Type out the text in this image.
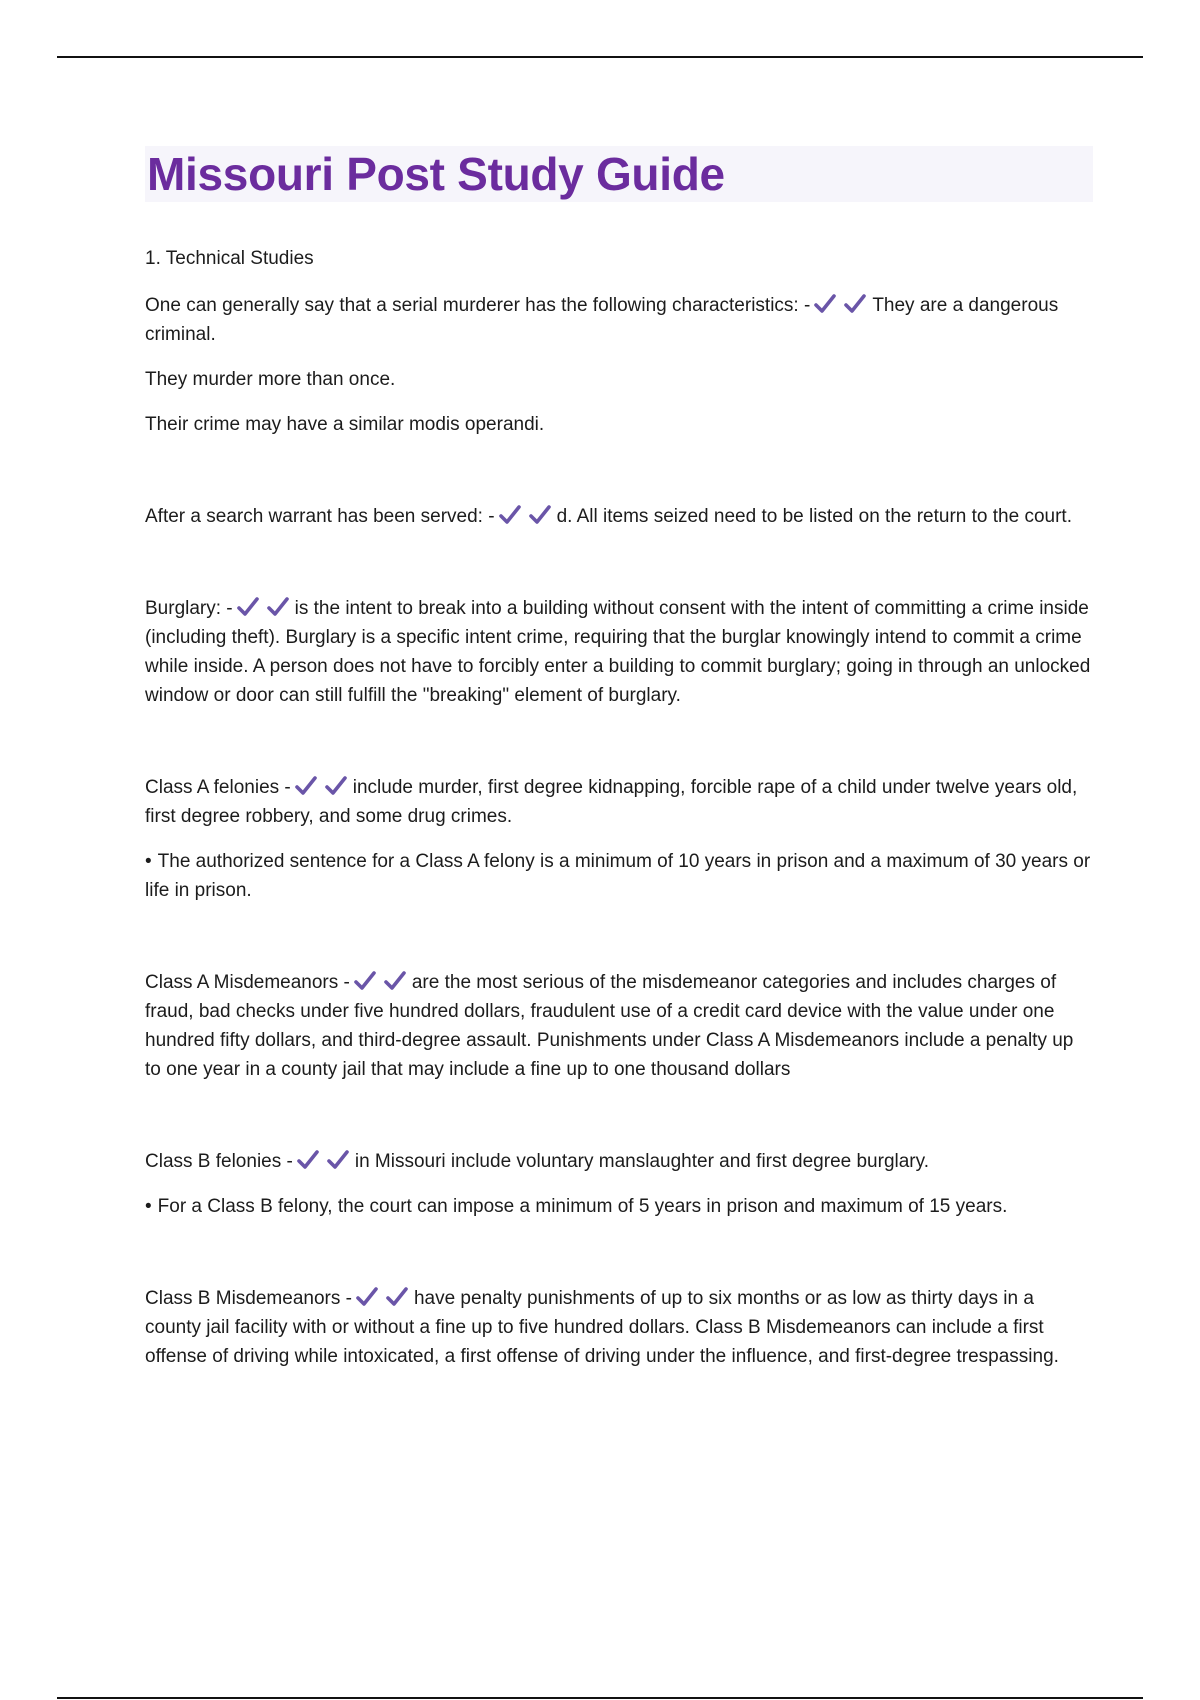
Missouri Post Study Guide

1. Technical Studies

One can generally say that a serial murderer has the following characteristics: -	They are a dangerous criminal.

They murder more than once.

Their crime may have a similar modis operandi.

After a search warrant has been served: -	d. All items seized need to be listed on the return to the court.

Burglary: -	is the intent to break into a building without consent with the intent of committing a crime inside (including theft). Burglary is a specific intent crime, requiring that the burglar knowingly intend to commit a crime while inside. A person does not have to forcibly enter a building to commit burglary; going in through an unlocked window or door can still fulfill the "breaking" element of burglary.

Class A felonies -	include murder, first degree kidnapping, forcible rape of a child under twelve years old, first degree robbery, and some drug crimes.

• The authorized sentence for a Class A felony is a minimum of 10 years in prison and a maximum of 30 years or life in prison.

Class A Misdemeanors -	are the most serious of the misdemeanor categories and includes charges of fraud, bad checks under five hundred dollars, fraudulent use of a credit card device with the value under one hundred fifty dollars, and third-degree assault. Punishments under Class A Misdemeanors include a penalty up to one year in a county jail that may include a fine up to one thousand dollars

Class B felonies -	in Missouri include voluntary manslaughter and first degree burglary.

• For a Class B felony, the court can impose a minimum of 5 years in prison and maximum of 15 years.

Class B Misdemeanors -	have penalty punishments of up to six months or as low as thirty days in a county jail facility with or without a fine up to five hundred dollars. Class B Misdemeanors can include a first offense of driving while intoxicated, a first offense of driving under the influence, and first-degree trespassing.
